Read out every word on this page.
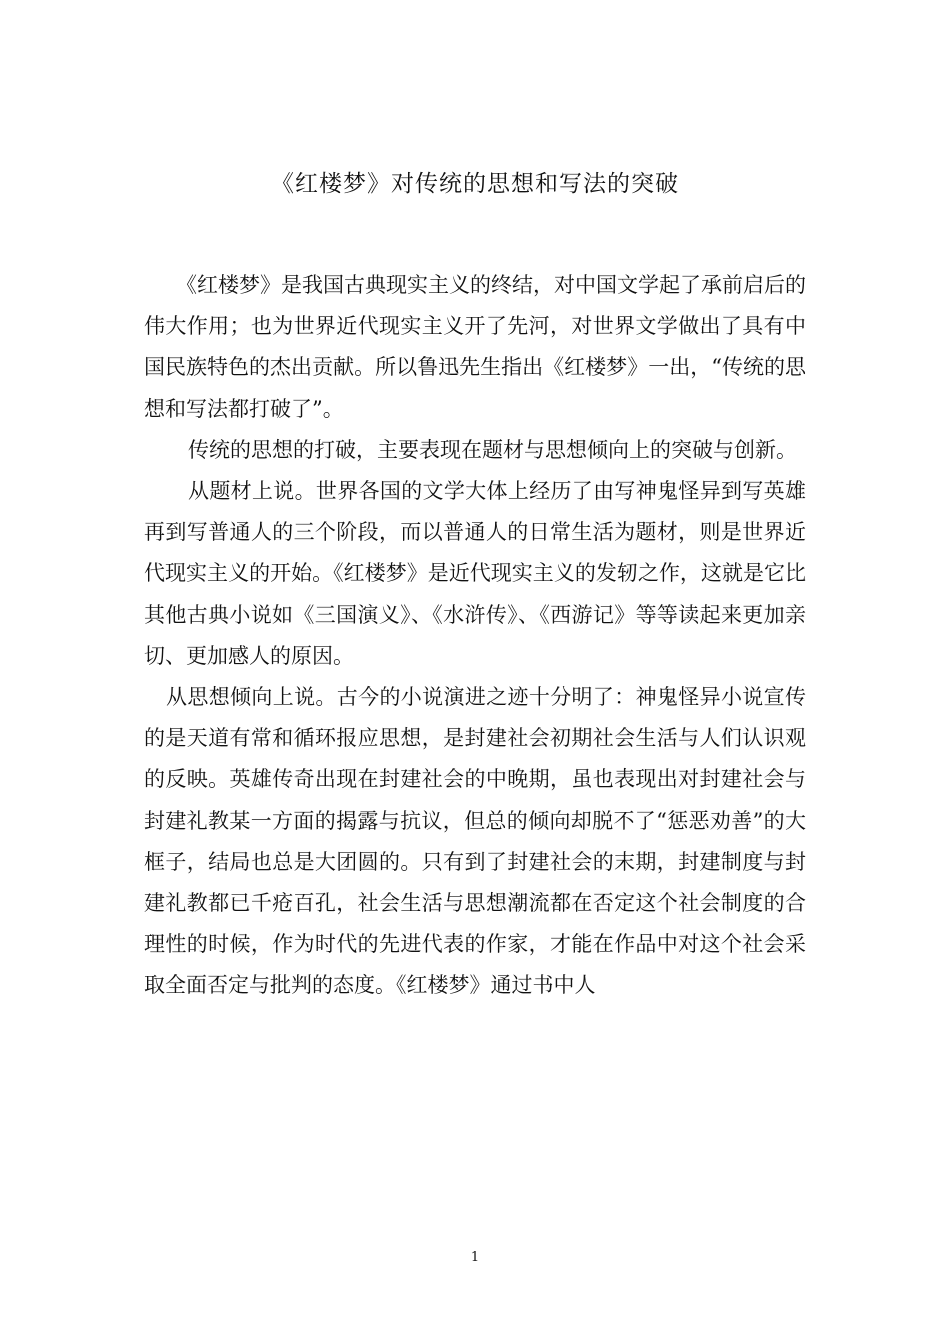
《红楼梦》对传统的思想和写法的突破

《红楼梦》是我国古典现实主义的终结，对中国文学起了承前启后的伟大作用；也为世界近代现实主义开了先河，对世界文学做出了具有中国民族特色的杰出贡献。所以鲁迅先生指出《红楼梦》一出，“传统的思想和写法都打破了”。

传统的思想的打破，主要表现在题材与思想倾向上的突破与创新。

从题材上说。世界各国的文学大体上经历了由写神鬼怪异到写英雄再到写普通人的三个阶段，而以普通人的日常生活为题材，则是世界近代现实主义的开始。《红楼梦》是近代现实主义的发轫之作，这就是它比其他古典小说如《三国演义》、《水浒传》、《西游记》等等读起来更加亲切、更加感人的原因。

从思想倾向上说。古今的小说演进之迹十分明了：神鬼怪异小说宣传的是天道有常和循环报应思想，是封建社会初期社会生活与人们认识观的反映。英雄传奇出现在封建社会的中晚期，虽也表现出对封建社会与封建礼教某一方面的揭露与抗议，但总的倾向却脱不了“惩恶劝善”的大框子，结局也总是大团圆的。只有到了封建社会的末期，封建制度与封建礼教都已千疮百孔，社会生活与思想潮流都在否定这个社会制度的合理性的时候，作为时代的先进代表的作家，才能在作品中对这个社会采取全面否定与批判的态度。《红楼梦》通过书中人

1
